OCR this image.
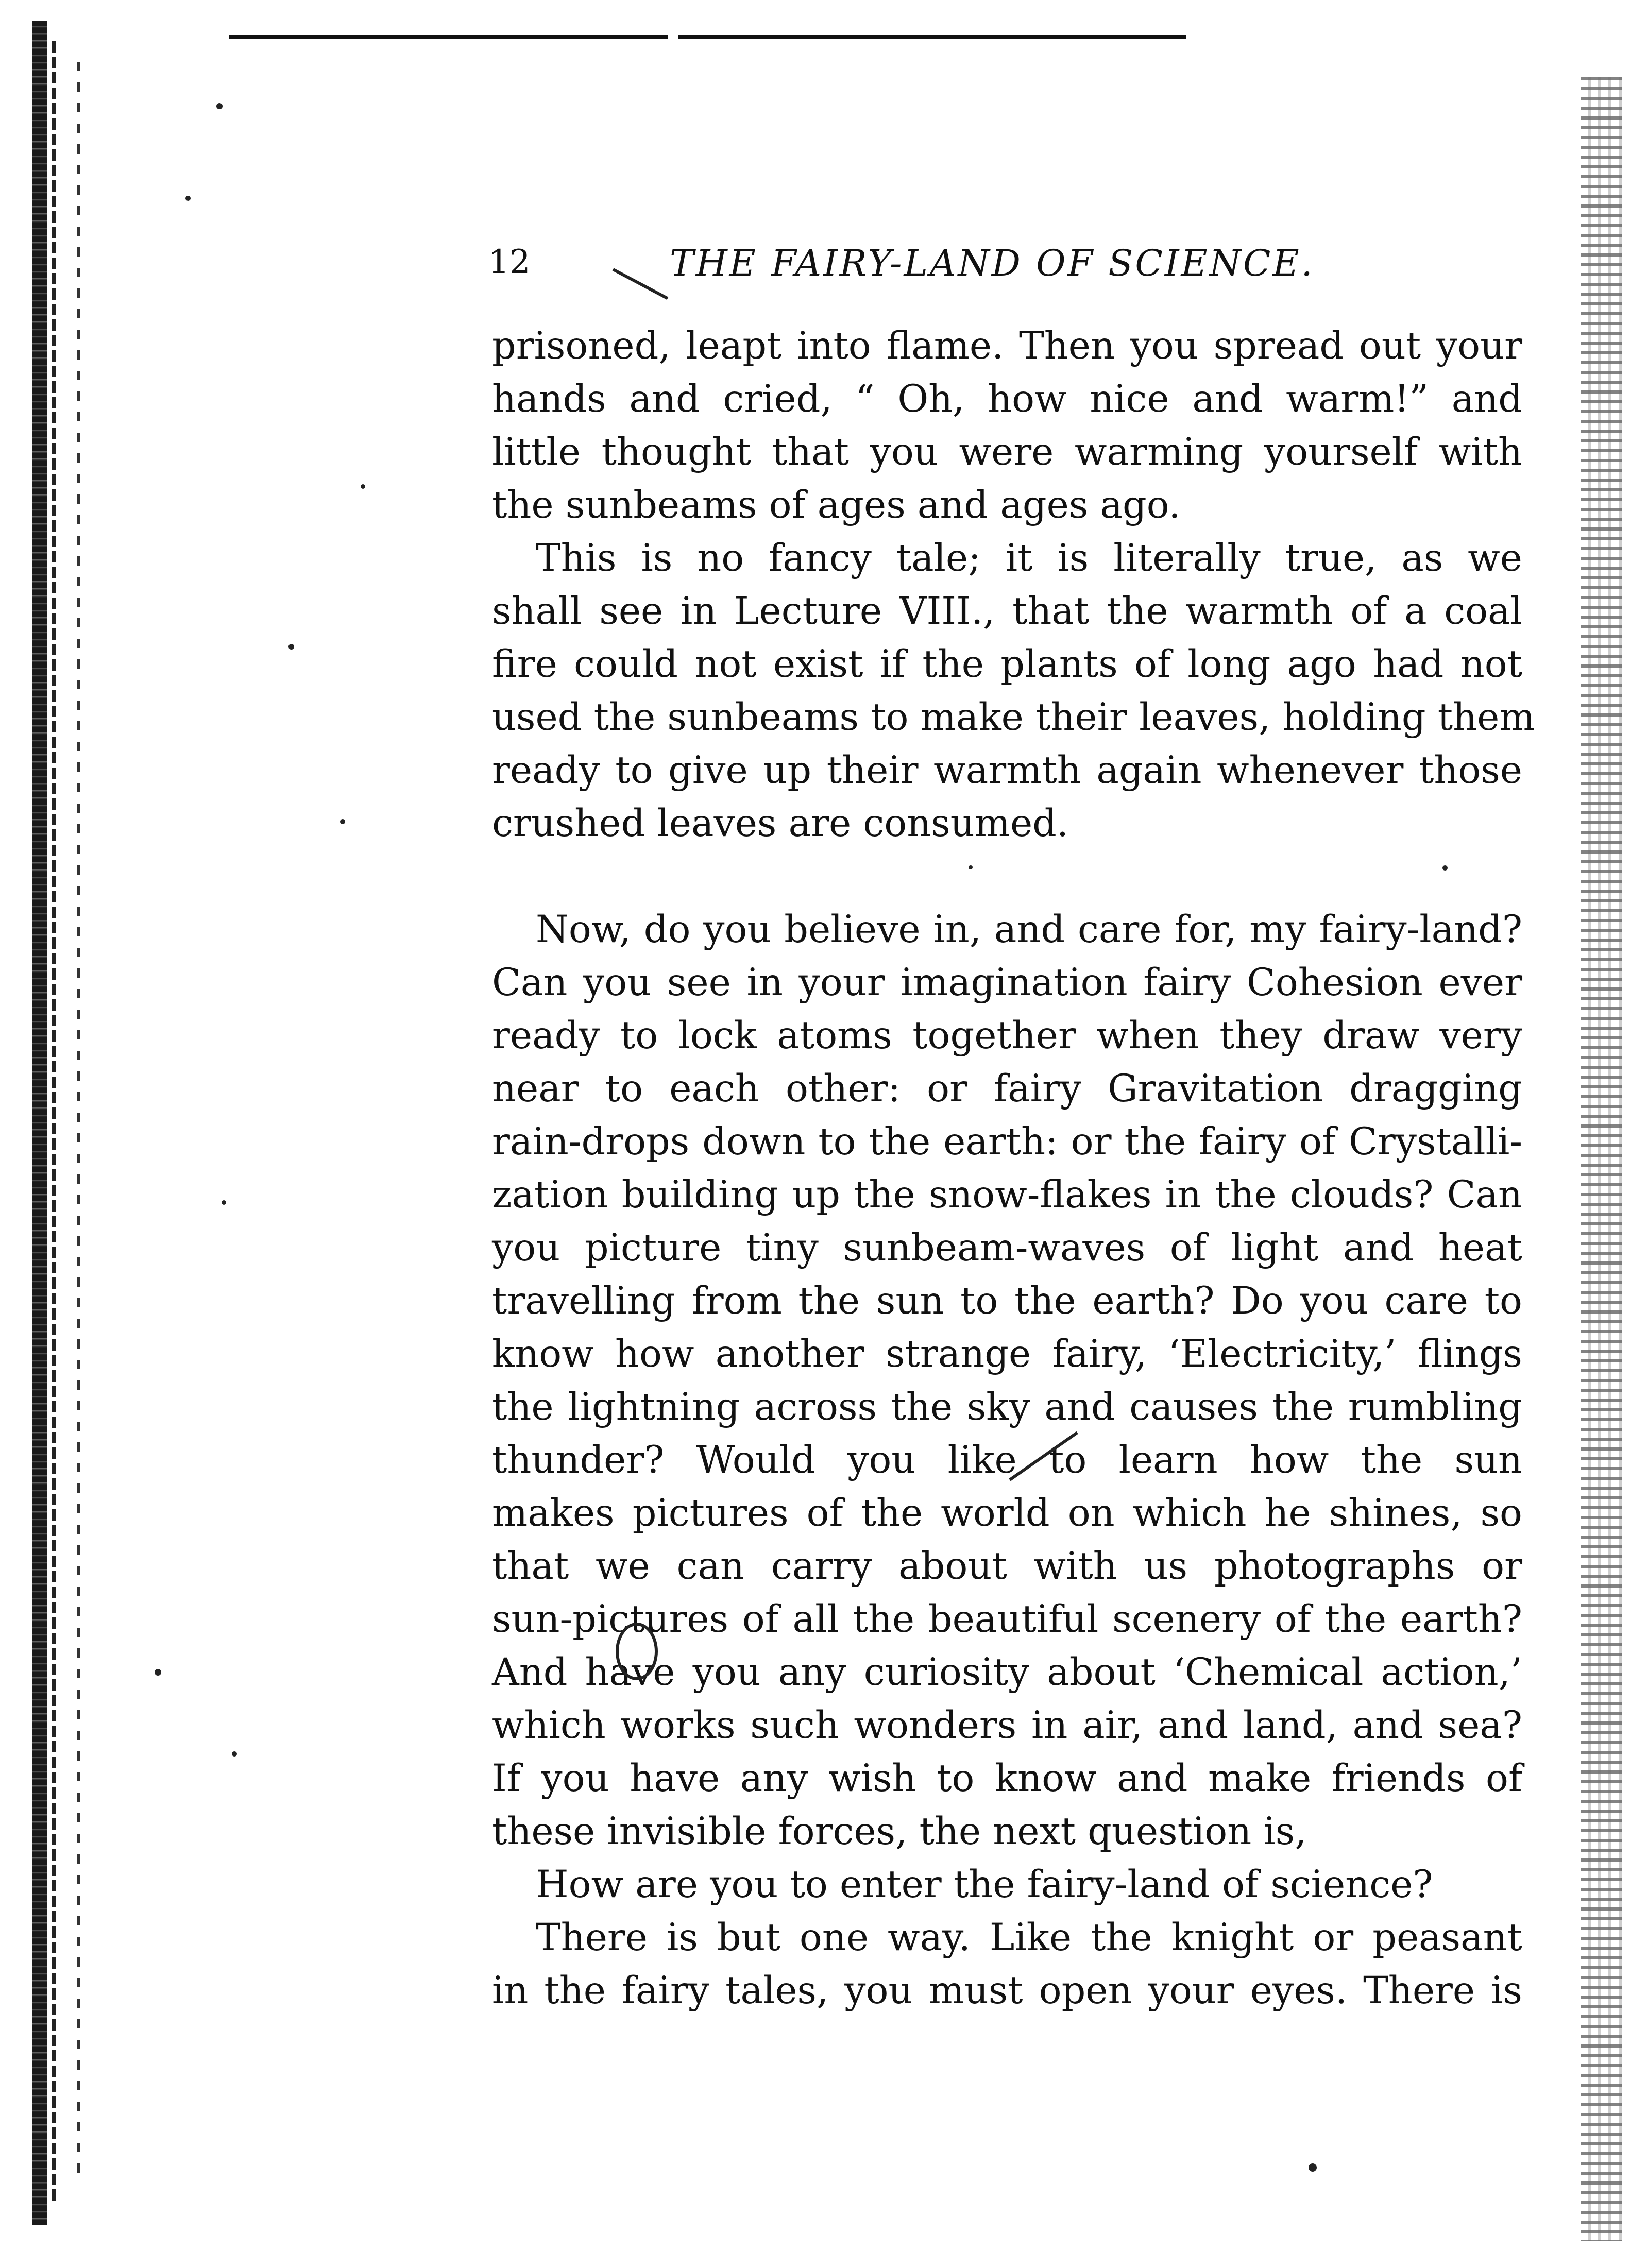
12	THE FAIRY-LAND OF SCIENCE.
prisoned, leapt into flame. Then you spread out your
hands and cried, “ Oh, how nice and warm!” and
little thought that you were warming yourself with
the sunbeams of ages and ages ago.
This is no fancy tale; it is literally true, as we
shall see in Lecture VIII., that the warmth of a coal
fire could not exist if the plants of long ago had not
used the sunbeams to make their leaves, holding them
ready to give up their warmth again whenever those
crushed leaves are consumed.
Now, do you believe in, and care for, my fairy-land?
Can you see in your imagination fairy Cohesion ever
ready to lock atoms together when they draw very
near to each other: or fairy Gravitation dragging
rain-drops down to the earth: or the fairy of Crystalli-
zation building up the snow-flakes in the clouds? Can
you picture tiny sunbeam-waves of light and heat
travelling from the sun to the earth? Do you care to
know how another strange fairy, ‘Electricity,’ flings
the lightning across the sky and causes the rumbling
thunder? Would you like to learn how the sun
makes pictures of the world on which he shines, so
that we can carry about with us photographs or
sun-pictures of all the beautiful scenery of the earth?
And have you any curiosity about ‘Chemical action,’
which works such wonders in air, and land, and sea?
If you have any wish to know and make friends of
these invisible forces, the next question is,
How are you to enter the fairy-land of science?
There is but one way. Like the knight or peasant
in the fairy tales, you must open your eyes. There is
